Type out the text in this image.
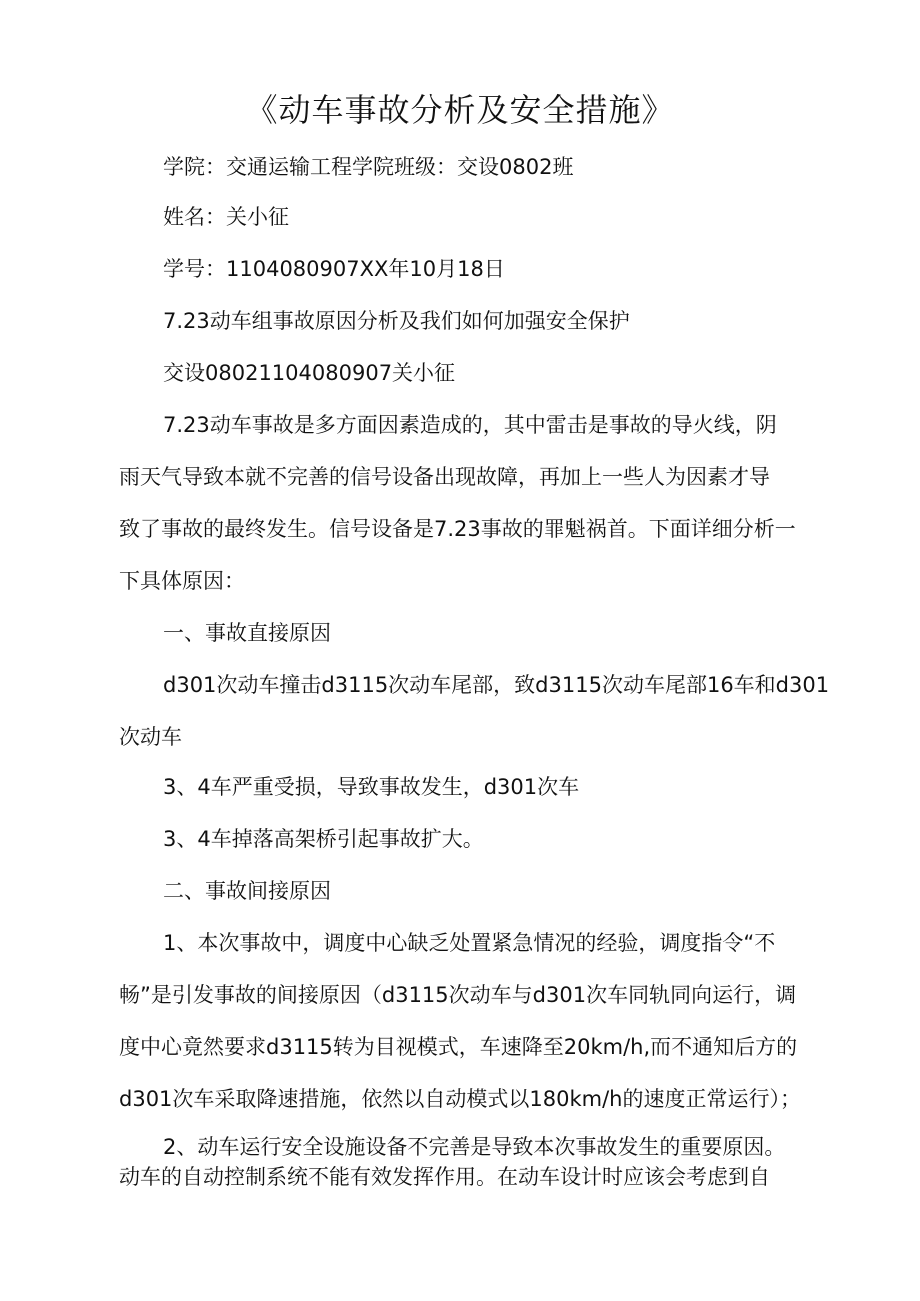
《动车事故分析及安全措施》
学院：交通运输工程学院班级：交设0802班
姓名：关小征
学号：1104080907XX年10月18日
7.23动车组事故原因分析及我们如何加强安全保护
交设08021104080907关小征
7.23动车事故是多方面因素造成的，其中雷击是事故的导火线，阴
雨天气导致本就不完善的信号设备出现故障，再加上一些人为因素才导
致了事故的最终发生。信号设备是7.23事故的罪魁祸首。下面详细分析一
下具体原因：
一、事故直接原因
d301次动车撞击d3115次动车尾部，致d3115次动车尾部16车和d301
次动车
3、4车严重受损，导致事故发生，d301次车
3、4车掉落高架桥引起事故扩大。
二、事故间接原因
1、本次事故中，调度中心缺乏处置紧急情况的经验，调度指令“不
畅”是引发事故的间接原因（d3115次动车与d301次车同轨同向运行，调
度中心竟然要求d3115转为目视模式，车速降至20km/h,而不通知后方的
d301次车采取降速措施，依然以自动模式以180km/h的速度正常运行）；
2、动车运行安全设施设备不完善是导致本次事故发生的重要原因。
动车的自动控制系统不能有效发挥作用。在动车设计时应该会考虑到自
